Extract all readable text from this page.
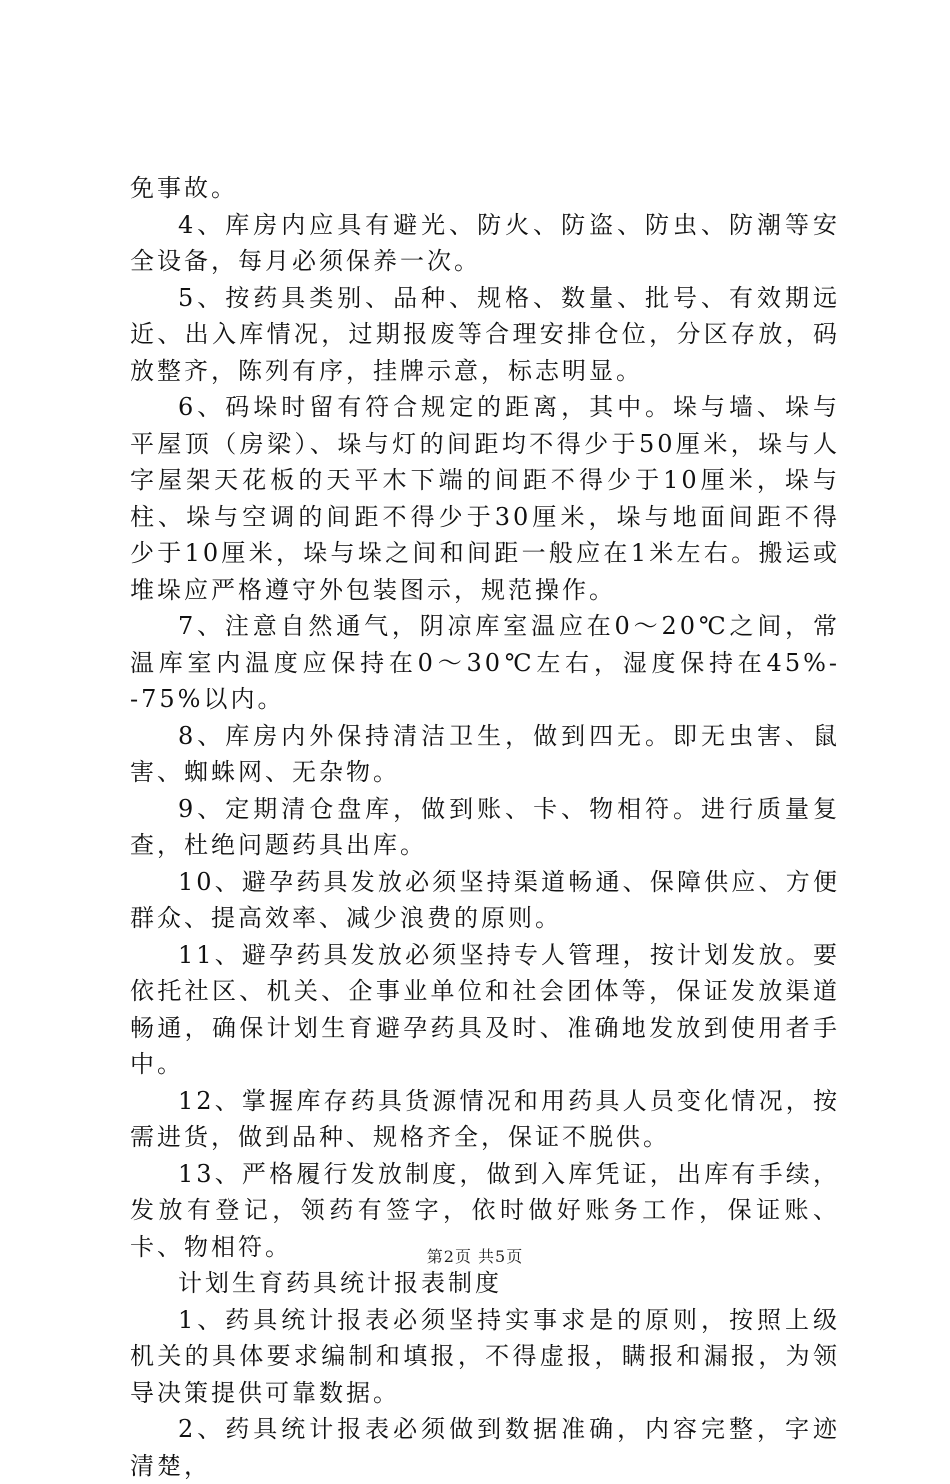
免事故。

4、库房内应具有避光、防火、防盗、防虫、防潮等安全设备，每月必须保养一次。

5、按药具类别、品种、规格、数量、批号、有效期远近、出入库情况，过期报废等合理安排仓位，分区存放，码放整齐，陈列有序，挂牌示意，标志明显。

6、码垛时留有符合规定的距离，其中。垛与墙、垛与平屋顶（房梁）、垛与灯的间距均不得少于50厘米，垛与人字屋架天花板的天平木下端的间距不得少于10厘米，垛与柱、垛与空调的间距不得少于30厘米，垛与地面间距不得少于10厘米，垛与垛之间和间距一般应在1米左右。搬运或堆垛应严格遵守外包装图示，规范操作。

7、注意自然通气，阴凉库室温应在0～20℃之间，常温库室内温度应保持在0～30℃左右，湿度保持在45%--75%以内。

8、库房内外保持清洁卫生，做到四无。即无虫害、鼠害、蜘蛛网、无杂物。

9、定期清仓盘库，做到账、卡、物相符。进行质量复查，杜绝问题药具出库。

10、避孕药具发放必须坚持渠道畅通、保障供应、方便群众、提高效率、减少浪费的原则。

11、避孕药具发放必须坚持专人管理，按计划发放。要依托社区、机关、企事业单位和社会团体等，保证发放渠道畅通，确保计划生育避孕药具及时、准确地发放到使用者手中。

12、掌握库存药具货源情况和用药具人员变化情况，按需进货，做到品种、规格齐全，保证不脱供。

13、严格履行发放制度，做到入库凭证，出库有手续，发放有登记，领药有签字，依时做好账务工作，保证账、卡、物相符。

计划生育药具统计报表制度

1、药具统计报表必须坚持实事求是的原则，按照上级机关的具体要求编制和填报，不得虚报，瞒报和漏报，为领导决策提供可靠数据。

2、药具统计报表必须做到数据准确，内容完整，字迹清楚，

第2页 共5页
